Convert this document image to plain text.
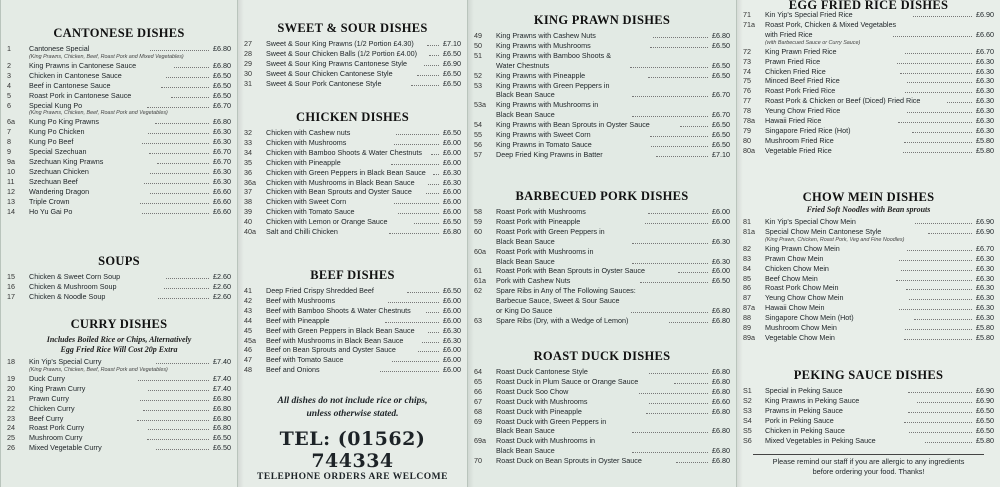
CANTONESE DISHES
1	Cantonese Special	£6.80
(King Prawns, Chicken, Beef, Roast Pork and Mixed Vegetables)
2	King Prawns in Cantonese Sauce	£6.80
3	Chicken in Cantonese Sauce	£6.50
4	Beef in Cantonese Sauce	£6.50
5	Roast Pork in Cantonese Sauce	£6.50
6	Special Kung Po	£6.70
(King Prawns, Chicken, Beef, Roast Pork and Vegetables)
6a	Kung Po King Prawns	£6.80
7	Kung Po Chicken	£6.30
8	Kung Po Beef	£6.30
9	Special Szechuan	£6.70
9a	Szechuan King Prawns	£6.70
10	Szechuan Chicken	£6.30
11	Szechuan Beef	£6.30
12	Wandering Dragon	£6.60
13	Triple Crown	£6.60
14	Ho Yu Gai Po	£6.60
SOUPS
15	Chicken & Sweet Corn Soup	£2.60
16	Chicken & Mushroom Soup	£2.60
17	Chicken & Noodle Soup	£2.60
CURRY DISHES
Includes Boiled Rice or Chips, Alternatively
Egg Fried Rice Will Cost 20p Extra
18	Kin Yip's Special Curry	£7.40
(King Prawns, Chicken, Beef, Roast Pork and Vegetables)
19	Duck Curry	£7.40
20	King Prawn Curry	£7.40
21	Prawn Curry	£6.80
22	Chicken Curry	£6.80
23	Beef Curry	£6.80
24	Roast Pork Curry	£6.80
25	Mushroom Curry	£6.50
26	Mixed Vegetable Curry	£6.50
SWEET & SOUR DISHES
27	Sweet & Sour King Prawns (1/2 Portion £4.30)	£7.10
28	Sweet & Sour Chicken Balls (1/2 Portion £4.00)	£6.50
29	Sweet & Sour King Prawns Cantonese Style	£6.90
30	Sweet & Sour Chicken Cantonese Style	£6.50
31	Sweet & Sour Pork Cantonese Style	£6.50
CHICKEN DISHES
32	Chicken with Cashew nuts	£6.50
33	Chicken with Mushrooms	£6.00
34	Chicken with Bamboo Shoots & Water Chestnuts	£6.00
35	Chicken with Pineapple	£6.00
36	Chicken with Green Peppers in Black Bean Sauce	£6.30
36a	Chicken with Mushrooms in Black Bean Sauce	£6.30
37	Chicken with Bean Sprouts and Oyster Sauce	£6.00
38	Chicken with Sweet Corn	£6.00
39	Chicken with Tomato Sauce	£6.00
40	Chicken with Lemon or Orange Sauce	£6.50
40a	Salt and Chilli Chicken	£6.80
BEEF DISHES
41	Deep Fried Crispy Shredded Beef	£6.50
42	Beef with Mushrooms	£6.00
43	Beef with Bamboo Shoots & Water Chestnuts	£6.00
44	Beef with Pineapple	£6.00
45	Beef with Green Peppers in Black Bean Sauce	£6.30
45a	Beef with Mushrooms in Black Bean Sauce	£6.30
46	Beef on Bean Sprouts and Oyster Sauce	£6.00
47	Beef with Tomato Sauce	£6.00
48	Beef and Onions	£6.00
All dishes do not include rice or chips,
unless otherwise stated.
TEL: (01562) 744334
TELEPHONE ORDERS ARE WELCOME
KING PRAWN DISHES
49	King Prawns with Cashew Nuts	£6.80
50	King Prawns with Mushrooms	£6.50
51	King Prawns with Bamboo Shoots &
Water Chestnuts	£6.50
52	King Prawns with Pineapple	£6.50
53	King Prawns with Green Peppers in
Black Bean Sauce	£6.70
53a	King Prawns with Mushrooms in
Black Bean Sauce	£6.70
54	King Prawns with Bean Sprouts in Oyster Sauce	£6.50
55	King Prawns with Sweet Corn	£6.50
56	King Prawns in Tomato Sauce	£6.50
57	Deep Fried King Prawns in Batter	£7.10
BARBECUED PORK DISHES
58	Roast Pork with Mushrooms	£6.00
59	Roast Pork with Pineapple	£6.00
60	Roast Pork with Green Peppers in
Black Bean Sauce	£6.30
60a	Roast Pork with Mushrooms in
Black Bean Sauce	£6.30
61	Roast Pork with Bean Sprouts in Oyster Sauce	£6.00
61a	Pork with Cashew Nuts	£6.50
62	Spare Ribs in Any of The Following Sauces:
Barbecue Sauce, Sweet & Sour Sauce
or King Do Sauce	£6.80
63	Spare Ribs (Dry, with a Wedge of Lemon)	£6.80
ROAST DUCK DISHES
64	Roast Duck Cantonese Style	£6.80
65	Roast Duck in Plum Sauce or Orange Sauce	£6.80
66	Roast Duck Soo Chow	£6.80
67	Roast Duck with Mushrooms	£6.60
68	Roast Duck with Pineapple	£6.80
69	Roast Duck with Green Peppers in
Black Bean Sauce	£6.80
69a	Roast Duck with Mushrooms in
Black Bean Sauce	£6.80
70	Roast Duck on Bean Sprouts in Oyster Sauce	£6.80
EGG FRIED RICE DISHES
71	Kin Yip's Special Fried Rice	£6.90
71a	Roast Pork, Chicken & Mixed Vegetables
with Fried Rice	£6.60
(with Barbecued Sauce or Curry Sauce)
72	King Prawn Fried Rice	£6.70
73	Prawn Fried Rice	£6.30
74	Chicken Fried Rice	£6.30
75	Minced Beef Fried Rice	£6.30
76	Roast Pork Fried Rice	£6.30
77	Roast Pork & Chicken or Beef (Diced) Fried Rice	£6.30
78	Yeung Chow Fried Rice	£6.30
78a	Hawaii Fried Rice	£6.30
79	Singapore Fried Rice (Hot)	£6.30
80	Mushroom Fried Rice	£5.80
80a	Vegetable Fried Rice	£5.80
CHOW MEIN DISHES
Fried Soft Noodles with Bean sprouts
81	Kin Yip's Special Chow Mein	£6.90
81a	Special Chow Mein Cantonese Style	£6.90
(King Prawn, Chicken, Roast Pork, Veg and Fine Noodles)
82	King Prawn Chow Mein	£6.70
83	Prawn Chow Mein	£6.30
84	Chicken Chow Mein	£6.30
85	Beef Chow Mein	£6.30
86	Roast Pork Chow Mein	£6.30
87	Yeung Chow Chow Mein	£6.30
87a	Hawaii Chow Mein	£6.30
88	Singapore Chow Mein (Hot)	£6.30
89	Mushroom Chow Mein	£5.80
89a	Vegetable Chow Mein	£5.80
PEKING SAUCE DISHES
S1	Special in Peking Sauce	£6.90
S2	King Prawns in Peking Sauce	£6.90
S3	Prawns in Peking Sauce	£6.50
S4	Pork in Peking Sauce	£6.50
S5	Chicken in Peking Sauce	£6.50
S6	Mixed Vegetables in Peking Sauce	£5.80
Please remind our staff if you are allergic to any ingredients
before ordering your food. Thanks!
